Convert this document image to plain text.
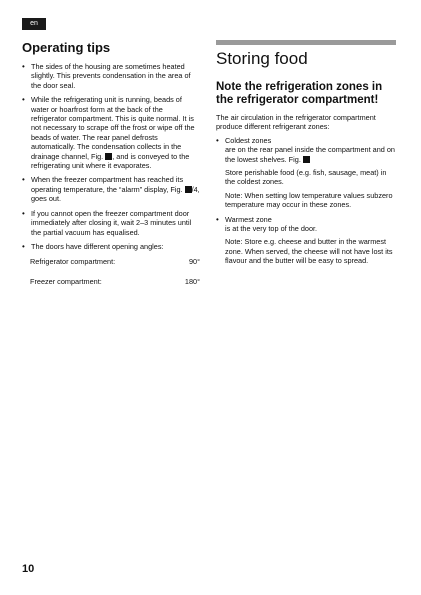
en
Operating tips
• The sides of the housing are sometimes heated slightly. This prevents condensation in the area of the door seal.
• While the refrigerating unit is running, beads of water or hoarfrost form at the back of the refrigerator compartment. This is quite normal. It is not necessary to scrape off the frost or wipe off the beads of water. The rear panel defrosts automatically. The condensation collects in the drainage channel, Fig. , and is conveyed to the refrigerating unit where it evaporates.
• When the freezer compartment has reached its operating temperature, the “alarm” display, Fig. /4, goes out.
• If you cannot open the freezer compartment door immediately after closing it, wait 2–3 minutes until the partial vacuum has equalised.
• The doors have different opening angles:
Refrigerator compartment:	90°
Freezer compartment:	180°
Storing food
Note the refrigeration zones in the refrigerator compartment!
The air circulation in the refrigerator compartment produce different refrigerant zones:
• Coldest zones
are on the rear panel inside the compartment and on the lowest shelves. Fig.
Store perishable food (e.g. fish, sausage, meat) in the coldest zones.
Note: When setting low temperature values subzero temperature may occur in these zones.
• Warmest zone
is at the very top of the door.
Note: Store e.g. cheese and butter in the warmest zone. When served, the cheese will not have lost its flavour and the butter will be easy to spread.
10
